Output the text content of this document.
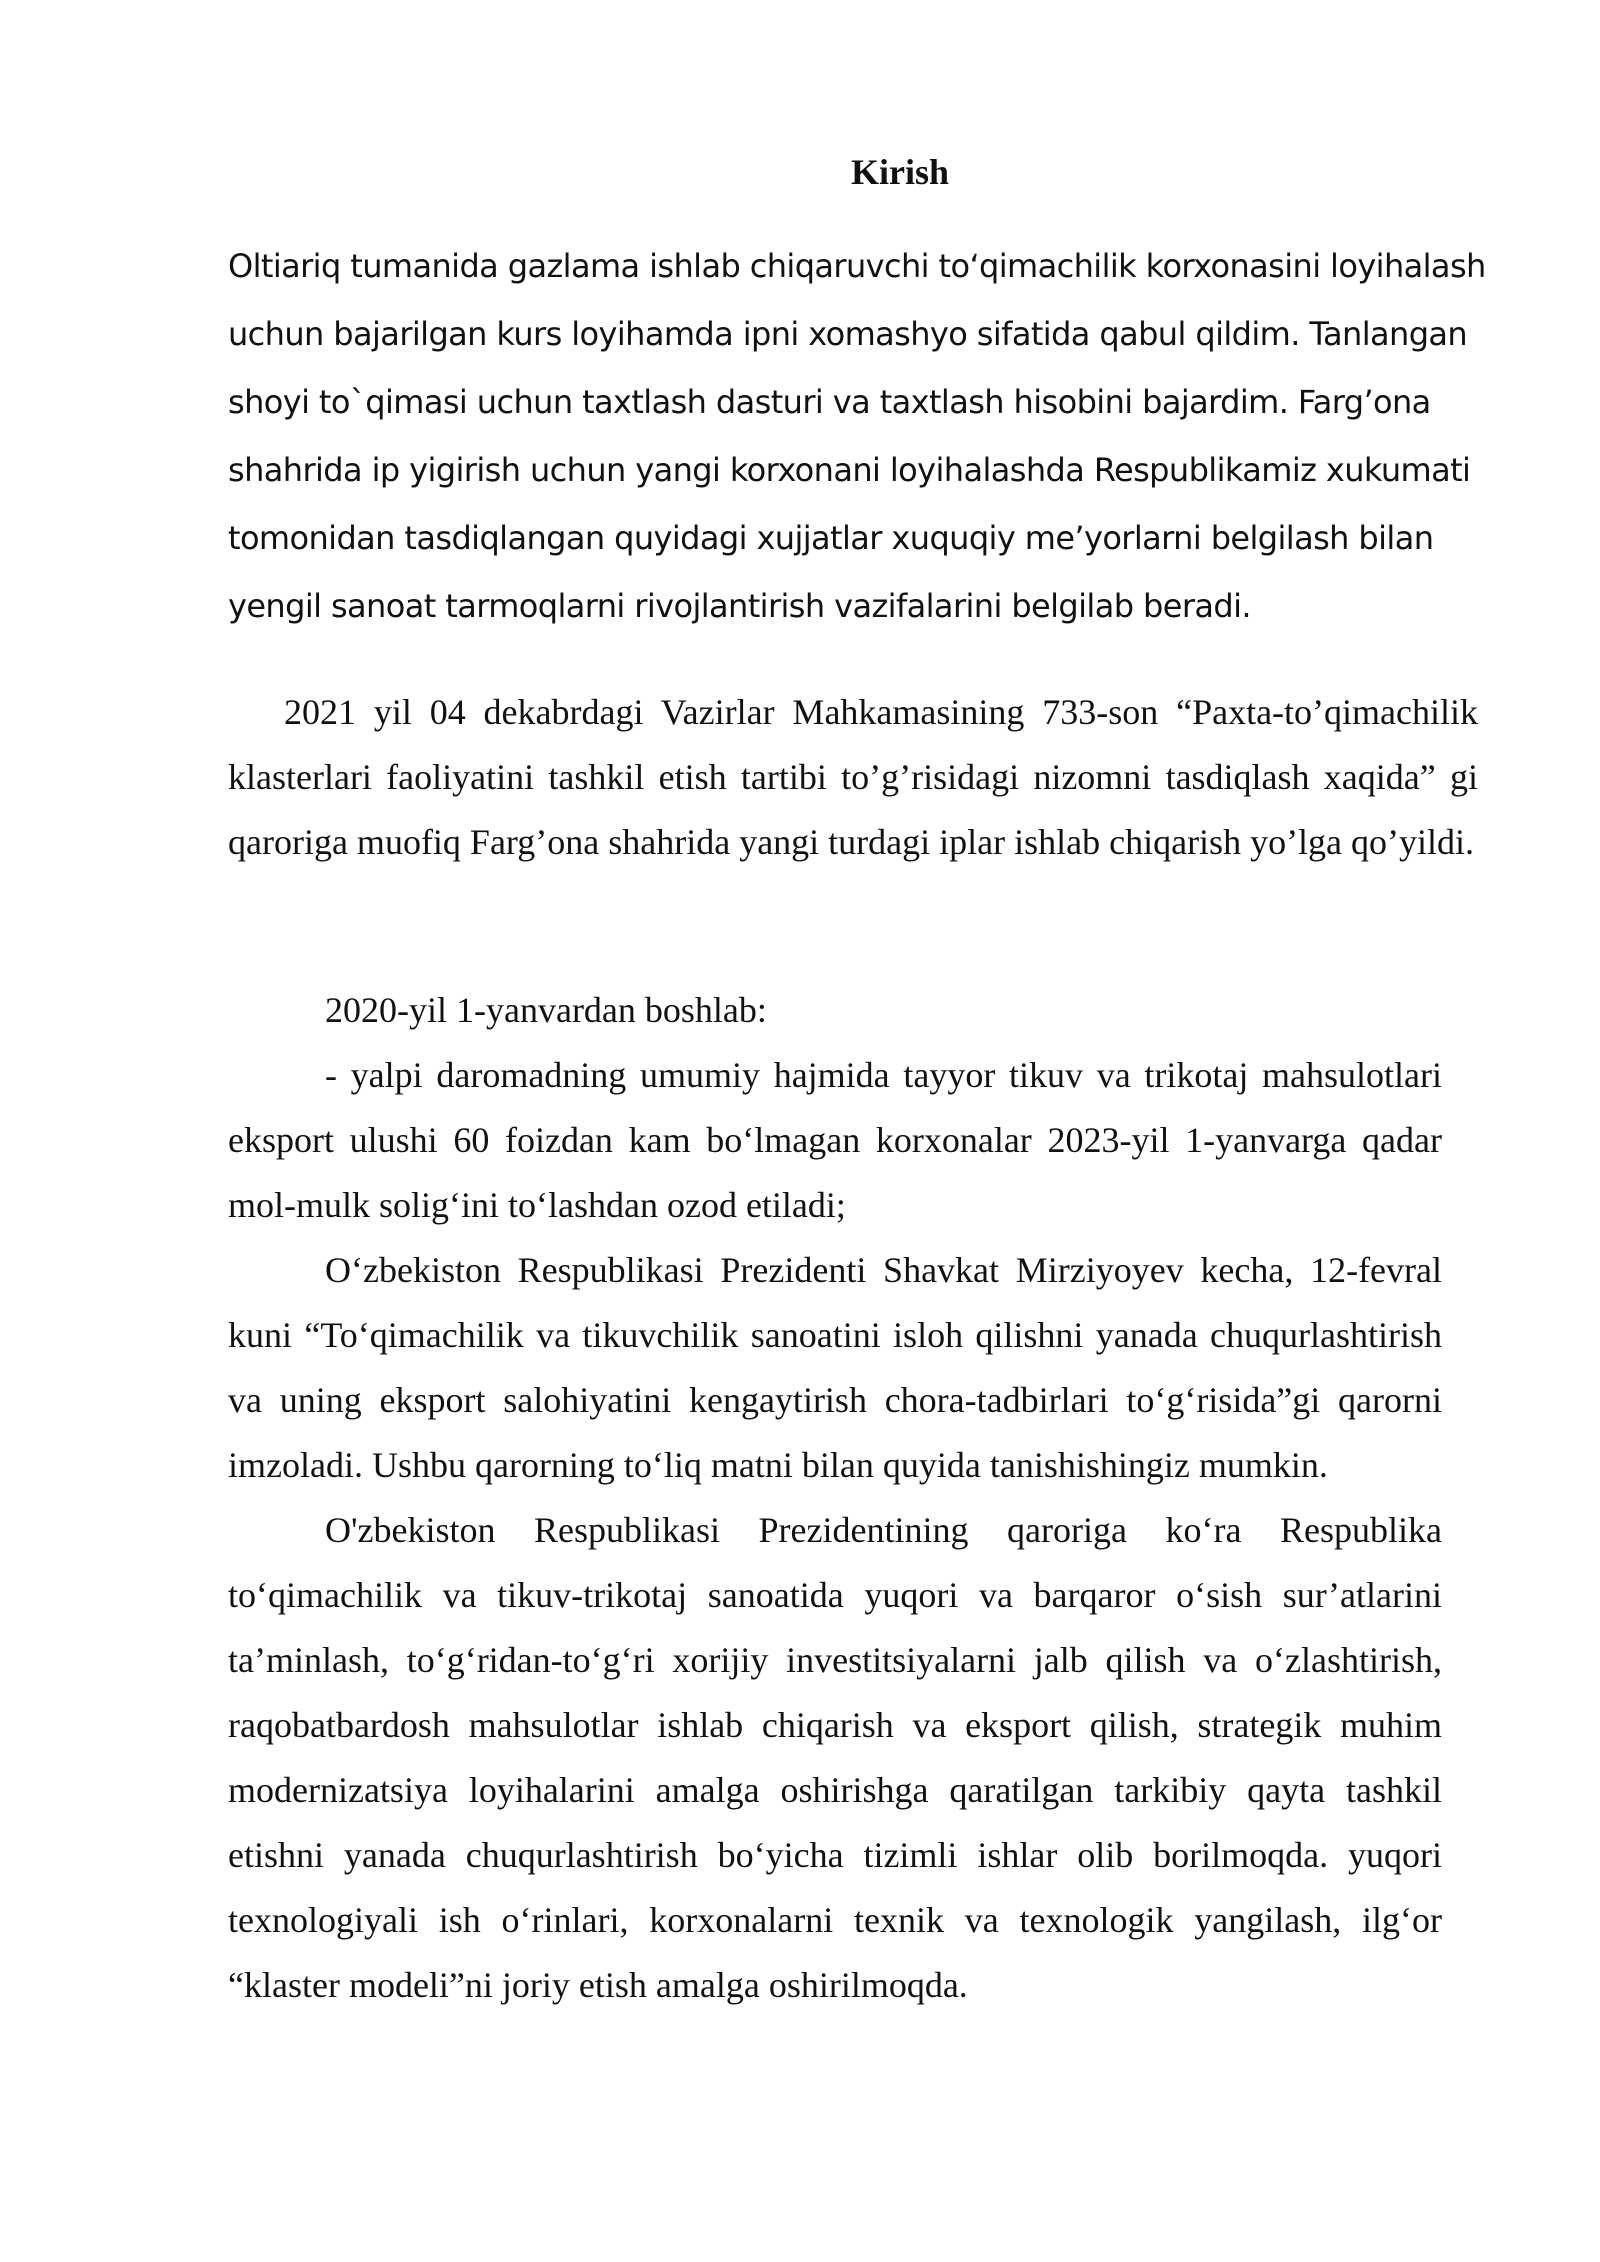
Kirish
Oltiariq tumanida gazlama ishlab chiqaruvchi to‘qimachilik korxonasini loyihalash
uchun bajarilgan kurs loyihamda ipni xomashyo sifatida qabul qildim. Tanlangan
shoyi to`qimasi uchun taxtlash dasturi va taxtlash hisobini bajardim. Farg’ona
shahrida ip yigirish uchun yangi korxonani loyihalashda Respublikamiz xukumati
tomonidan tasdiqlangan quyidagi xujjatlar xuquqiy me’yorlarni belgilash bilan
yengil sanoat tarmoqlarni rivojlantirish vazifalarini belgilab beradi.

2021 yil 04 dekabrdagi Vazirlar Mahkamasining 733-son “Paxta-to’qimachilik klasterlari faoliyatini tashkil etish tartibi to’g’risidagi nizomni tasdiqlash xaqida” gi qaroriga muofiq Farg’ona shahrida yangi turdagi iplar ishlab chiqarish yo’lga qo’yildi.

2020-yil 1-yanvardan boshlab:

- yalpi daromadning umumiy hajmida tayyor tikuv va trikotaj mahsulotlari eksport ulushi 60 foizdan kam bo‘lmagan korxonalar 2023-yil 1-yanvarga qadar mol-mulk solig‘ini to‘lashdan ozod etiladi;

O‘zbekiston Respublikasi Prezidenti Shavkat Mirziyoyev kecha, 12-fevral kuni “To‘qimachilik va tikuvchilik sanoatini isloh qilishni yanada chuqurlashtirish va uning eksport salohiyatini kengaytirish chora-tadbirlari to‘g‘risida”gi qarorni imzoladi. Ushbu qarorning to‘liq matni bilan quyida tanishishingiz mumkin.

O'zbekiston Respublikasi Prezidentining qaroriga ko‘ra Respublika to‘qimachilik va tikuv-trikotaj sanoatida yuqori va barqaror o‘sish sur’atlarini ta’minlash, to‘g‘ridan-to‘g‘ri xorijiy investitsiyalarni jalb qilish va o‘zlashtirish, raqobatbardosh mahsulotlar ishlab chiqarish va eksport qilish, strategik muhim modernizatsiya loyihalarini amalga oshirishga qaratilgan tarkibiy qayta tashkil etishni yanada chuqurlashtirish bo‘yicha tizimli ishlar olib borilmoqda. yuqori texnologiyali ish o‘rinlari, korxonalarni texnik va texnologik yangilash, ilg‘or “klaster modeli”ni joriy etish amalga oshirilmoqda.
